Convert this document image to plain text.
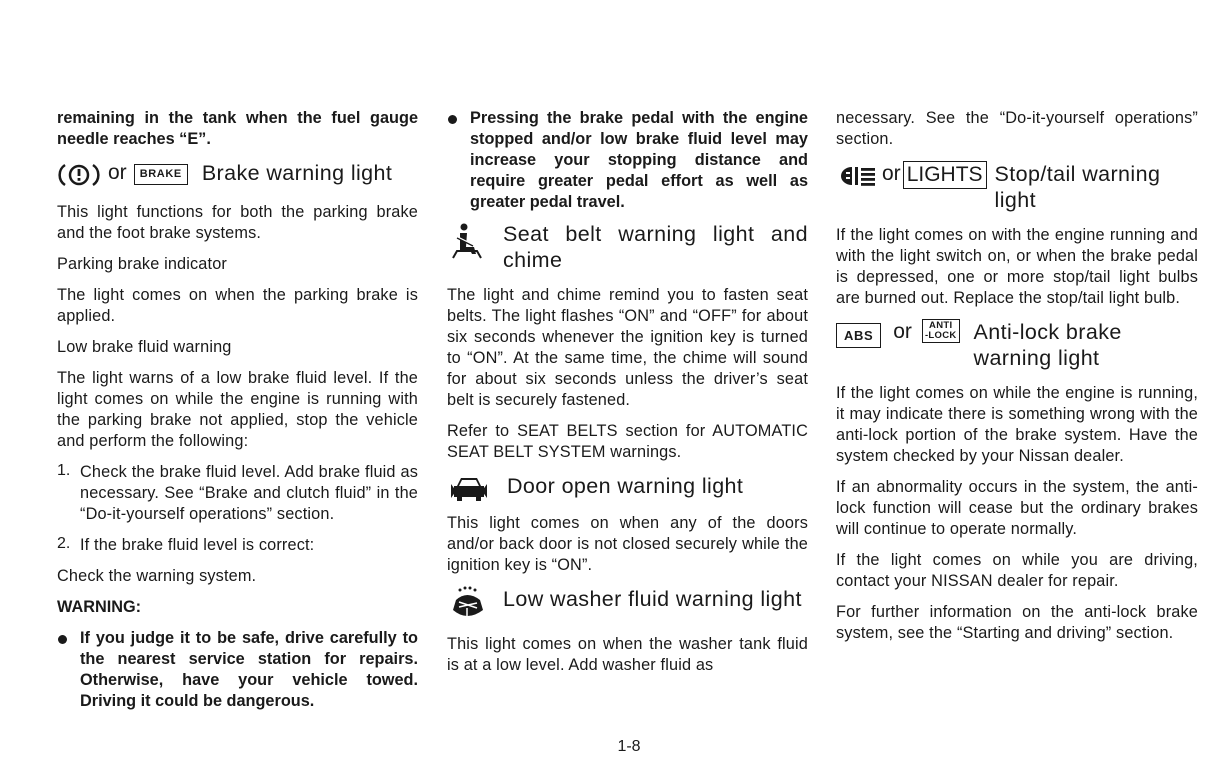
remaining in the tank when the fuel gauge needle reaches “E”.

or	BRAKE Brake warning light

This light functions for both the parking brake and the foot brake systems.

Parking brake indicator

The light comes on when the parking brake is applied.

Low brake fluid warning

The light warns of a low brake fluid level. If the light comes on while the engine is running with the parking brake not applied, stop the vehicle and perform the following:

1. Check the brake fluid level. Add brake fluid as necessary. See “Brake and clutch fluid” in the “Do-it-yourself operations” section.

2. If the brake fluid level is correct:

Check the warning system.

WARNING:

If you judge it to be safe, drive carefully to the nearest service station for repairs. Otherwise, have your vehicle towed. Driving it could be dangerous.

Pressing the brake pedal with the engine stopped and/or low brake fluid level may increase your stopping distance and require greater pedal effort as well as greater pedal travel.

Seat belt warning light and chime

The light and chime remind you to fasten seat belts. The light flashes “ON” and “OFF” for about six seconds whenever the ignition key is turned to “ON”. At the same time, the chime will sound for about six seconds unless the driver’s seat belt is securely fastened.

Refer to SEAT BELTS section for AUTOMATIC SEAT BELT SYSTEM warnings.

Door open warning light

This light comes on when any of the doors and/or back door is not closed securely while the ignition key is “ON”.

Low washer fluid warning light

This light comes on when the washer tank fluid is at a low level. Add washer fluid as

necessary. See the “Do-it-yourself operations” section.

or LIGHTS Stop/tail warning light

If the light comes on with the engine running and with the light switch on, or when the brake pedal is depressed, one or more stop/tail light bulbs are burned out. Replace the stop/tail light bulb.

ABS or	ANTI
-LOCK Anti-lock brake warning light

If the light comes on while the engine is running, it may indicate there is something wrong with the anti-lock portion of the brake system. Have the system checked by your Nissan dealer.

If an abnormality occurs in the system, the anti-lock function will cease but the ordinary brakes will continue to operate normally.

If the light comes on while you are driving, contact your NISSAN dealer for repair.

For further information on the anti-lock brake system, see the “Starting and driving” section.

1-8
